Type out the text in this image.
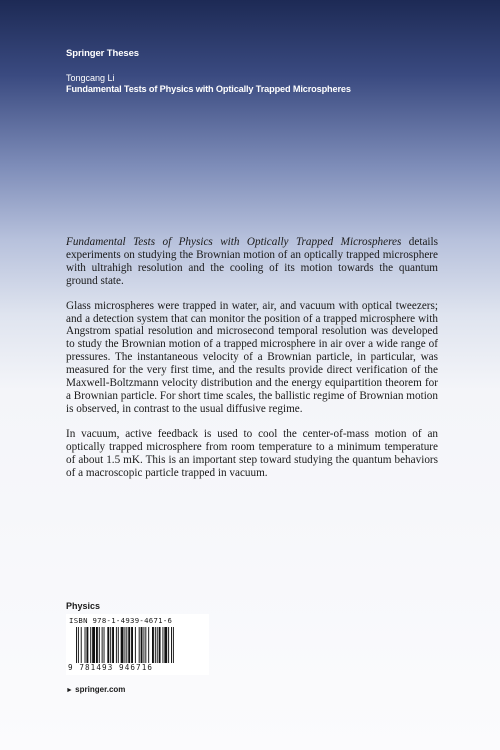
Springer Theses
Tongcang Li
Fundamental Tests of Physics with Optically Trapped Microspheres

Fundamental Tests of Physics with Optically Trapped Microspheres details experiments on studying the Brownian motion of an optically trapped microsphere with ultrahigh resolution and the cooling of its motion towards the quantum ground state.

Glass microspheres were trapped in water, air, and vacuum with optical tweezers; and a detection system that can monitor the position of a trapped microsphere with Angstrom spatial resolution and microsecond temporal resolution was developed to study the Brownian motion of a trapped microsphere in air over a wide range of pressures. The instantaneous velocity of a Brownian particle, in particular, was measured for the very first time, and the results provide direct verification of the Maxwell-Boltzmann velocity distribution and the energy equipartition theorem for a Brownian particle. For short time scales, the ballistic regime of Brownian motion is observed, in contrast to the usual diffusive regime.

In vacuum, active feedback is used to cool the center-of-mass motion of an optically trapped microsphere from room temperature to a minimum temperature of about 1.5 mK. This is an important step toward studying the quantum behaviors of a macroscopic particle trapped in vacuum.

Physics
ISBN 978-1-4939-4671-6
9 781493 946716
► springer.com
